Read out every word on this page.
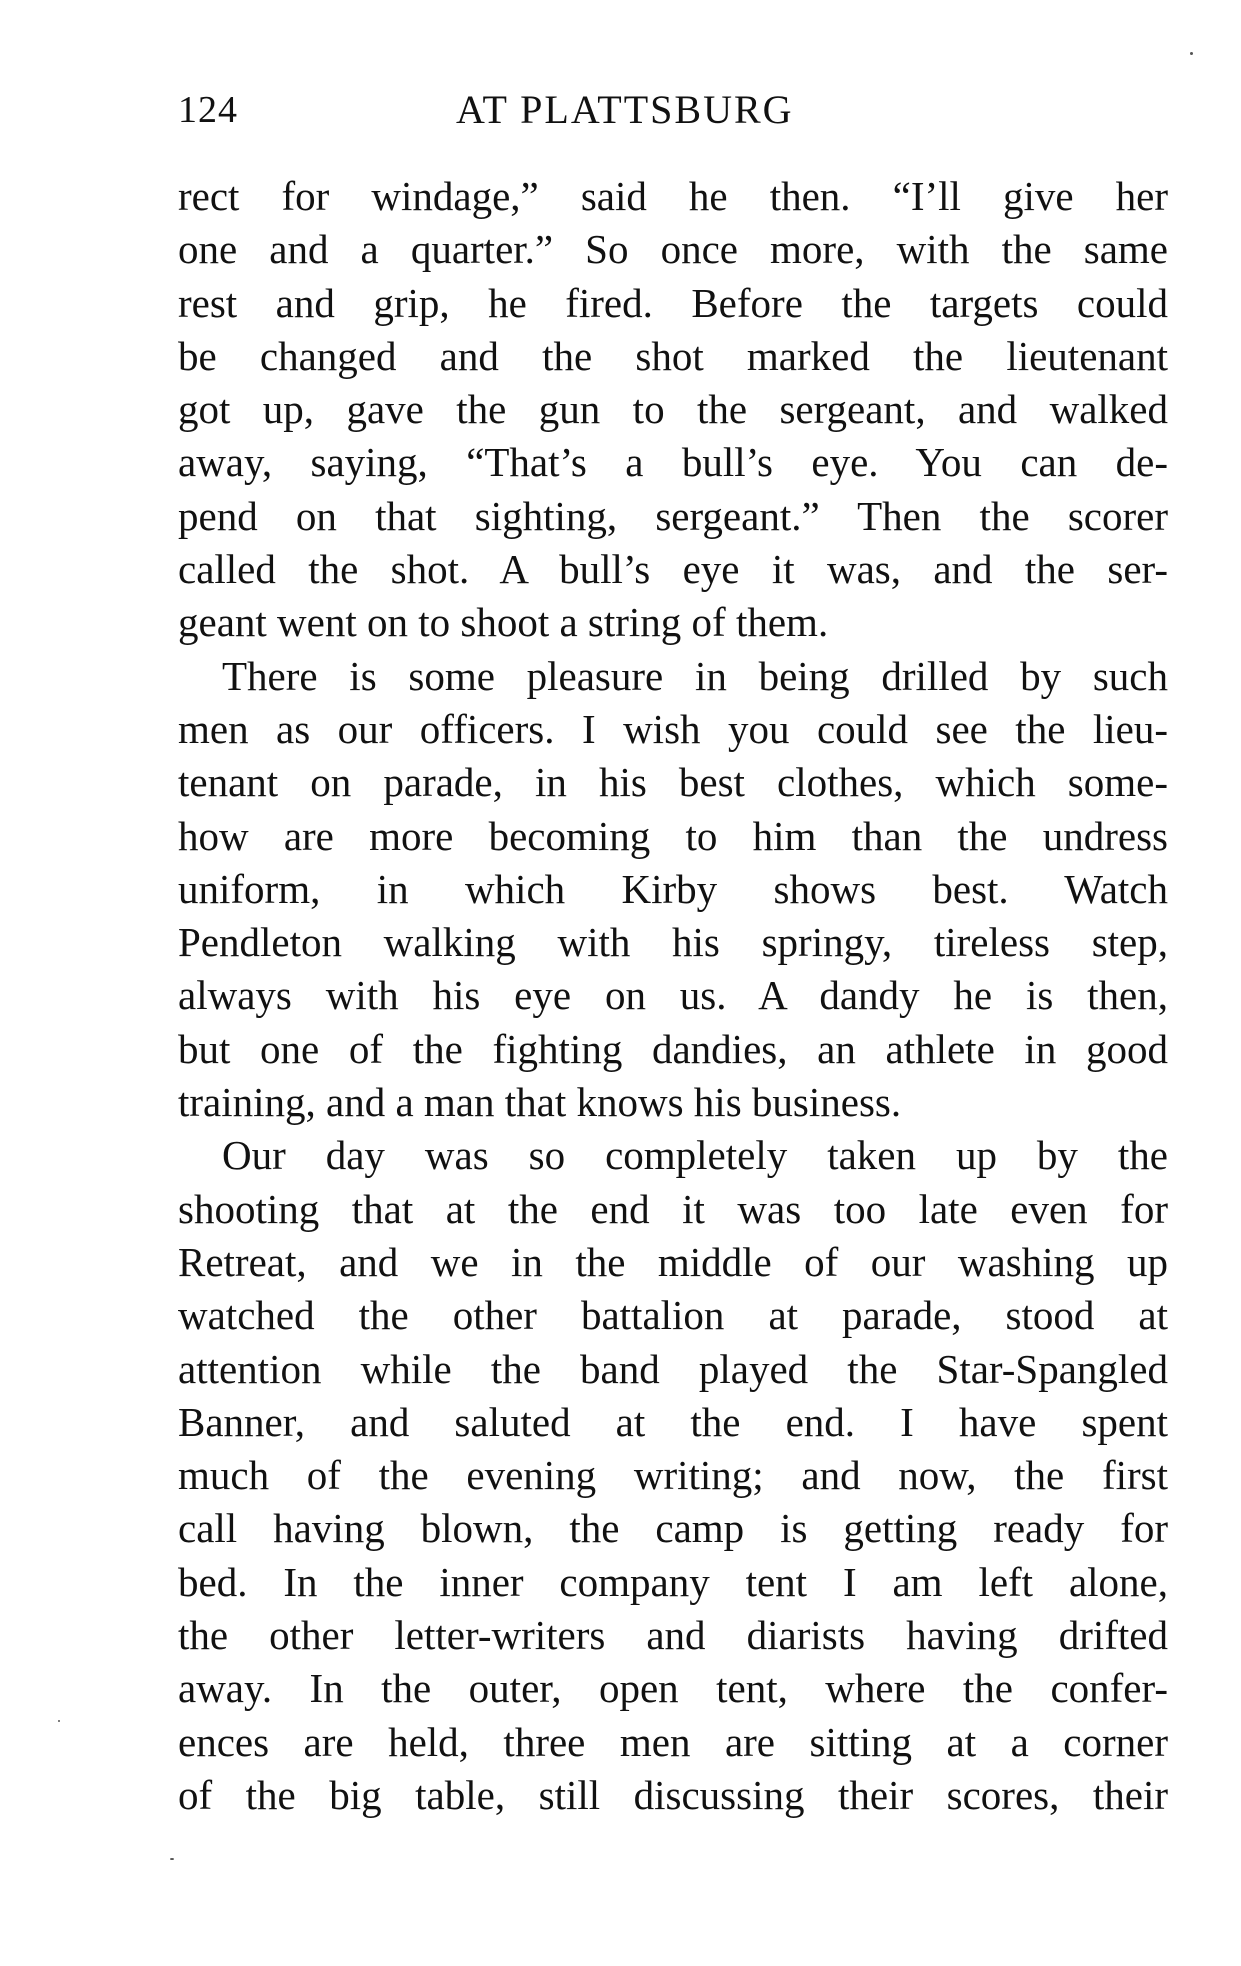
124	AT PLATTSBURG
rect for windage,” said he then. “I’ll give her
one and a quarter.” So once more, with the same
rest and grip, he fired. Before the targets could
be changed and the shot marked the lieutenant
got up, gave the gun to the sergeant, and walked
away, saying, “That’s a bull’s eye. You can de-
pend on that sighting, sergeant.” Then the scorer
called the shot. A bull’s eye it was, and the ser-
geant went on to shoot a string of them.
There is some pleasure in being drilled by such
men as our officers. I wish you could see the lieu-
tenant on parade, in his best clothes, which some-
how are more becoming to him than the undress
uniform, in which Kirby shows best. Watch
Pendleton walking with his springy, tireless step,
always with his eye on us. A dandy he is then,
but one of the fighting dandies, an athlete in good
training, and a man that knows his business.
Our day was so completely taken up by the
shooting that at the end it was too late even for
Retreat, and we in the middle of our washing up
watched the other battalion at parade, stood at
attention while the band played the Star-Spangled
Banner, and saluted at the end. I have spent
much of the evening writing; and now, the first
call having blown, the camp is getting ready for
bed. In the inner company tent I am left alone,
the other letter-writers and diarists having drifted
away. In the outer, open tent, where the confer-
ences are held, three men are sitting at a corner
of the big table, still discussing their scores, their
